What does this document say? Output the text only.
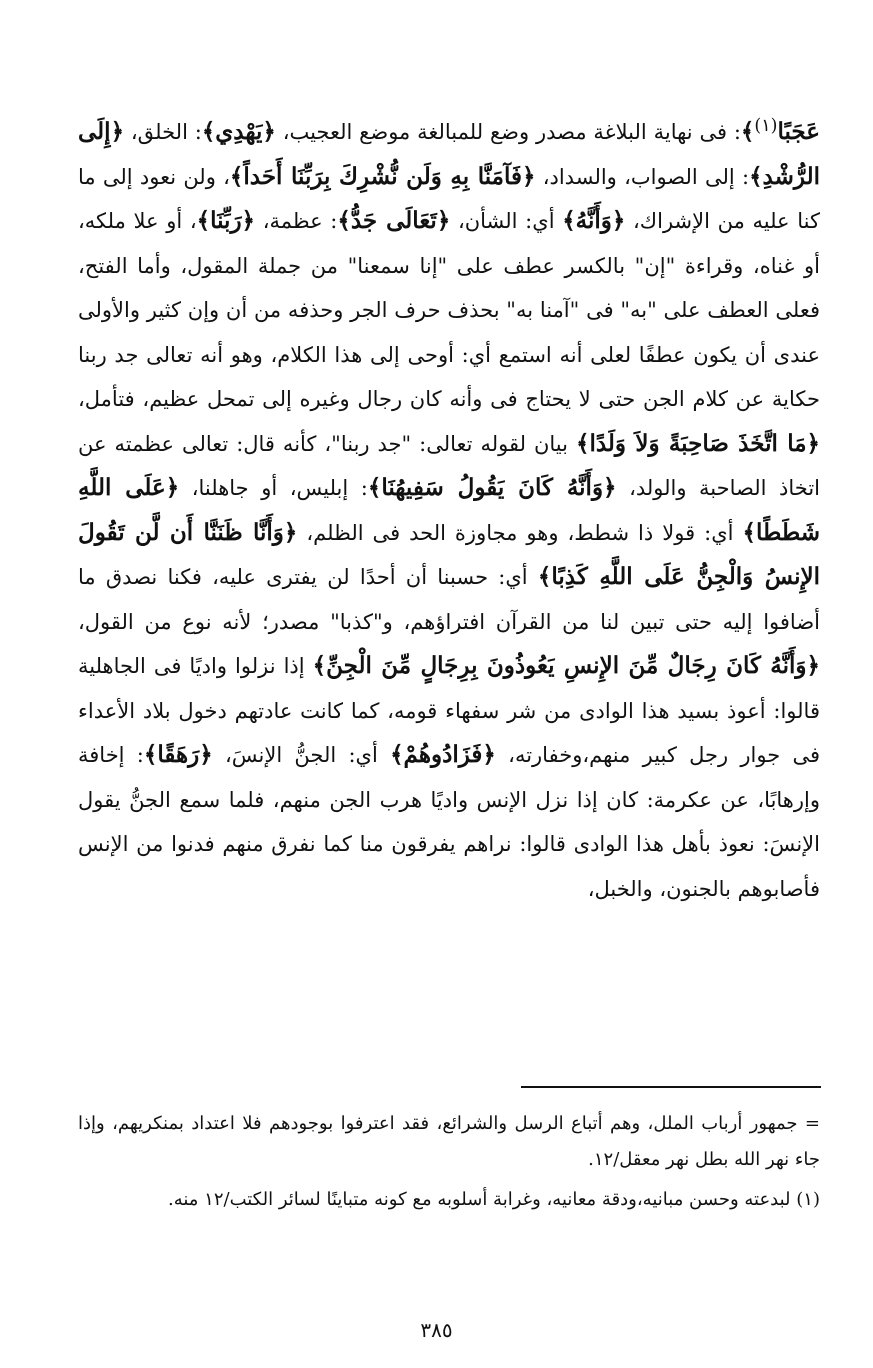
عَجَبًا$^{(١)}$﴾: فى نهاية البلاغة مصدر وضع للمبالغة موضع العجيب، ﴿يَهْدِي﴾: الخلق، ﴿إِلَى الرُّشْدِ﴾: إلى الصواب، والسداد، ﴿فَآمَنَّا بِهِ وَلَن نُّشْرِكَ بِرَبِّنَا أَحَداً﴾، ولن نعود إلى ما كنا عليه من الإشراك، ﴿وَأَنَّهُ﴾ أي: الشأن، ﴿تَعَالَى جَدُّ﴾: عظمة، ﴿رَبِّنَا﴾، أو علا ملكه، أو غناه، وقراءة "إن" بالكسر عطف على "إنا سمعنا" من جملة المقول، وأما الفتح، فعلى العطف على "به" فى "آمنا به" بحذف حرف الجر وحذفه من أن وإن كثير والأولى عندى أن يكون عطفًا لعلى أنه استمع أي: أوحى إلى هذا الكلام، وهو أنه تعالى جد ربنا حكاية عن كلام الجن حتى لا يحتاج فى وأنه كان رجال وغيره إلى تمحل عظيم، فتأمل، ﴿مَا اتَّخَذَ صَاحِبَةً وَلاَ وَلَدًا﴾ بيان لقوله تعالى: "جد ربنا"، كأنه قال: تعالى عظمته عن اتخاذ الصاحبة والولد، ﴿وَأَنَّهُ كَانَ يَقُولُ سَفِيهُنَا﴾: إبليس، أو جاهلنا، ﴿عَلَى اللَّهِ شَطَطًا﴾ أي: قولا ذا شطط، وهو مجاوزة الحد فى الظلم، ﴿وَأَنَّا ظَنَنَّا أَن لَّن تَقُولَ الإِنسُ وَالْجِنُّ عَلَى اللَّهِ كَذِبًا﴾ أي: حسبنا أن أحدًا لن يفترى عليه، فكنا نصدق ما أضافوا إليه حتى تبين لنا من القرآن افتراؤهم، و"كذبا" مصدر؛ لأنه نوع من القول، ﴿وَأَنَّهُ كَانَ رِجَالٌ مِّنَ الإِنسِ يَعُوذُونَ بِرِجَالٍ مِّنَ الْجِنِّ﴾ إذا نزلوا واديًا فى الجاهلية قالوا: أعوذ بسيد هذا الوادى من شر سفهاء قومه، كما كانت عادتهم دخول بلاد الأعداء فى جوار رجل كبير منهم،وخفارته، ﴿فَزَادُوهُمْ﴾ أي: الجنُّ الإنسَ، ﴿رَهَقًا﴾: إخافة وإرهابًا، عن عكرمة: كان إذا نزل الإنس واديًا هرب الجن منهم، فلما سمع الجنُّ يقول الإنسَ: نعوذ بأهل هذا الوادى قالوا: نراهم يفرقون منا كما نفرق منهم فدنوا من الإنس فأصابوهم بالجنون، والخبل،

= جمهور أرباب الملل، وهم أتباع الرسل والشرائع، فقد اعترفوا بوجودهم فلا اعتداد بمنكريهم، وإذا جاء نهر الله بطل نهر معقل/١٢.

(١) لبدعته وحسن مبانيه،ودقة معانيه، وغرابة أسلوبه مع كونه متباينًا لسائر الكتب/١٢ منه.

٣٨٥
